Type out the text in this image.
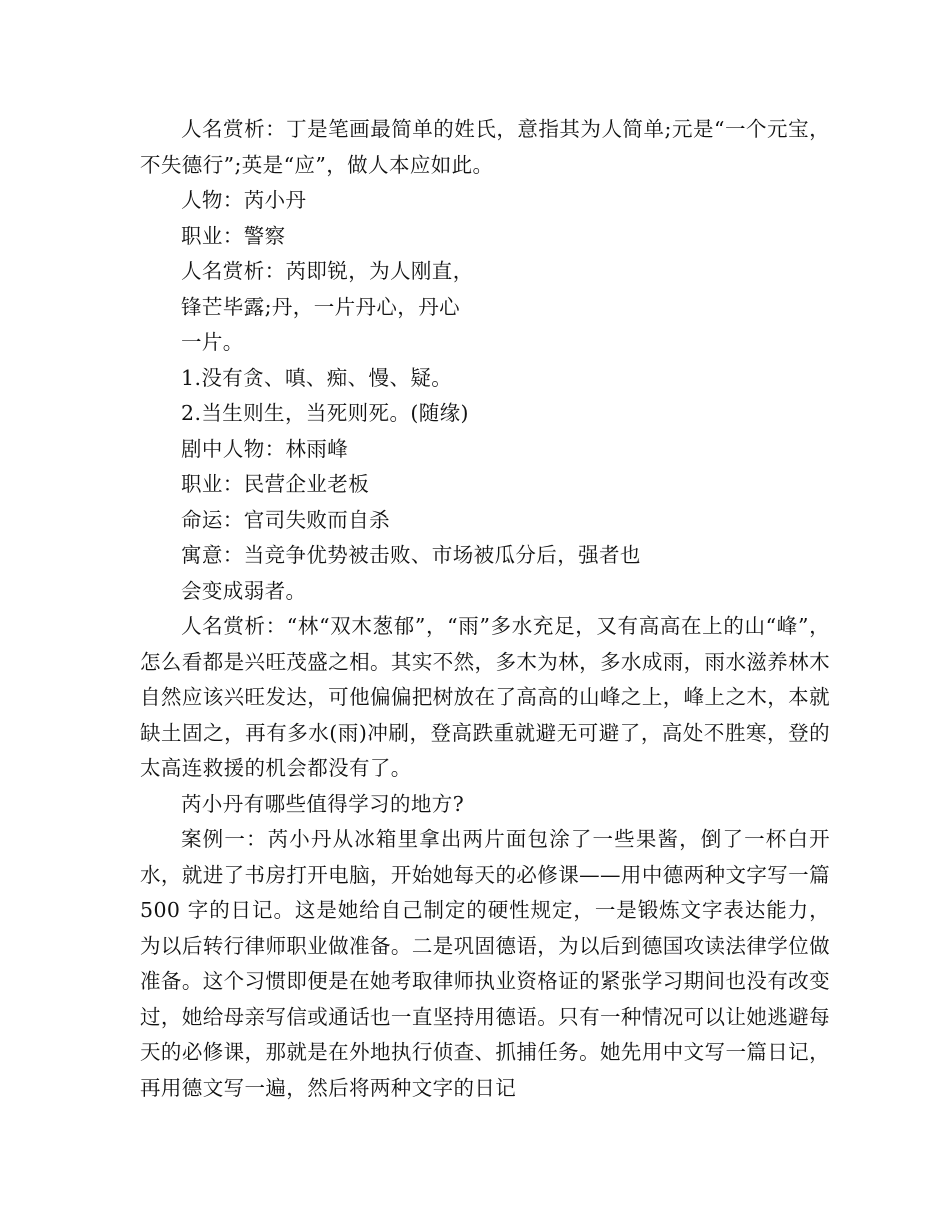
人名赏析：丁是笔画最简单的姓氏，意指其为人简单;元是“一个元宝，不失德行”;英是“应”，做人本应如此。

人物：芮小丹

职业：警察

人名赏析：芮即锐，为人刚直，

锋芒毕露;丹，一片丹心，丹心

一片。

1.没有贪、嗔、痴、慢、疑。

2.当生则生，当死则死。(随缘)

剧中人物：林雨峰

职业：民营企业老板

命运：官司失败而自杀

寓意：当竞争优势被击败、市场被瓜分后，强者也

会变成弱者。

人名赏析：“林“双木葱郁”，“雨”多水充足，又有高高在上的山“峰”，怎么看都是兴旺茂盛之相。其实不然，多木为林，多水成雨，雨水滋养林木自然应该兴旺发达，可他偏偏把树放在了高高的山峰之上，峰上之木，本就缺土固之，再有多水(雨)冲刷，登高跌重就避无可避了，高处不胜寒，登的太高连救援的机会都没有了。

芮小丹有哪些值得学习的地方?

案例一：芮小丹从冰箱里拿出两片面包涂了一些果酱，倒了一杯白开水，就进了书房打开电脑，开始她每天的必修课——用中德两种文字写一篇 500 字的日记。这是她给自己制定的硬性规定，一是锻炼文字表达能力，为以后转行律师职业做准备。二是巩固德语，为以后到德国攻读法律学位做准备。这个习惯即便是在她考取律师执业资格证的紧张学习期间也没有改变过，她给母亲写信或通话也一直坚持用德语。只有一种情况可以让她逃避每天的必修课，那就是在外地执行侦查、抓捕任务。她先用中文写一篇日记，再用德文写一遍，然后将两种文字的日记
